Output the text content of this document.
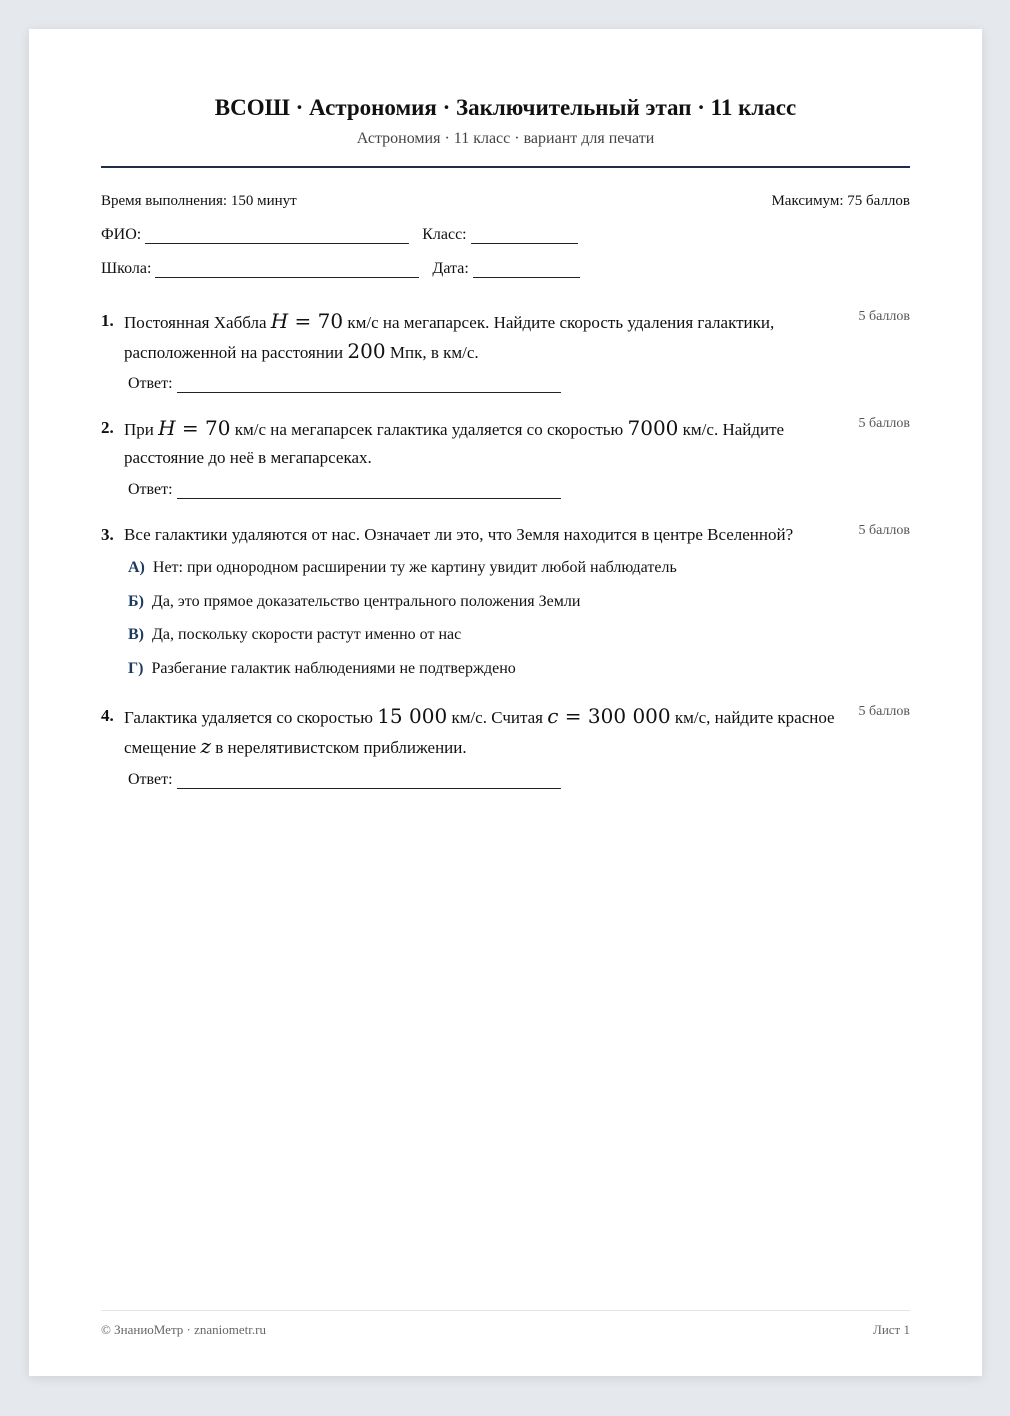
ВСОШ · Астрономия · Заключительный этап · 11 класс
Астрономия · 11 класс · вариант для печати
Время выполнения: 150 минут	Максимум: 75 баллов
ФИО:	Класс:
Школа:	Дата:
1. Постоянная Хаббла H = 70 км/с на мегапарсек. Найдите скорость удаления галактики, расположенной на расстоянии 200 Мпк, в км/с.
5 баллов
Ответ:
2. При H = 70 км/с на мегапарсек галактика удаляется со скоростью 7000 км/с. Найдите расстояние до неё в мегапарсеках.
5 баллов
Ответ:
3. Все галактики удаляются от нас. Означает ли это, что Земля находится в центре Вселенной?	5 баллов
А) Нет: при однородном расширении ту же картину увидит любой наблюдатель
Б) Да, это прямое доказательство центрального положения Земли
В) Да, поскольку скорости растут именно от нас
Г) Разбегание галактик наблюдениями не подтверждено
4. Галактика удаляется со скоростью 15 000 км/с. Считая c = 300 000 км/с, найдите красное смещение z в нерелятивистском приближении.
5 баллов
Ответ:
© ЗнаниоМетр · znaniometr.ru	Лист 1
